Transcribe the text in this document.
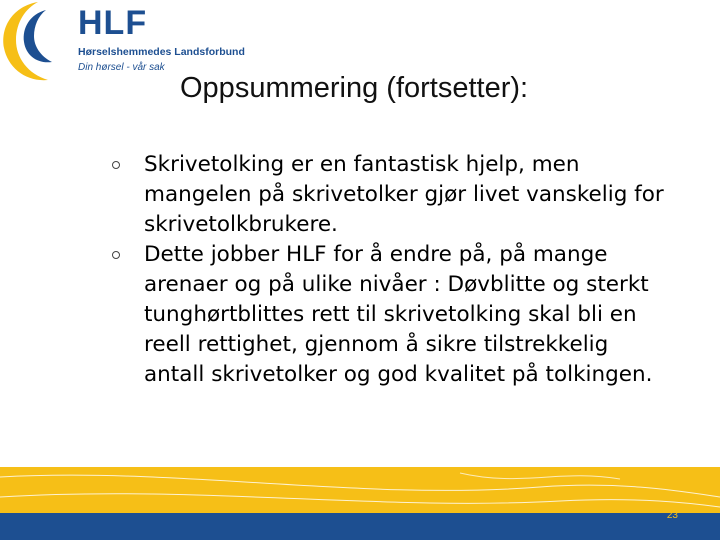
HLF
Hørselshemmedes Landsforbund
Din hørsel - vår sak
Oppsummering (fortsetter):
Skrivetolking er en fantastisk hjelp, men mangelen på skrivetolker gjør livet vanskelig for skrivetolkbrukere.
Dette jobber HLF for å endre på, på mange arenaer og på ulike nivåer : Døvblitte og sterkt tunghørtblittes rett til skrivetolking skal bli en reell rettighet, gjennom å sikre tilstrekkelig antall skrivetolker og god kvalitet på tolkingen.
23
